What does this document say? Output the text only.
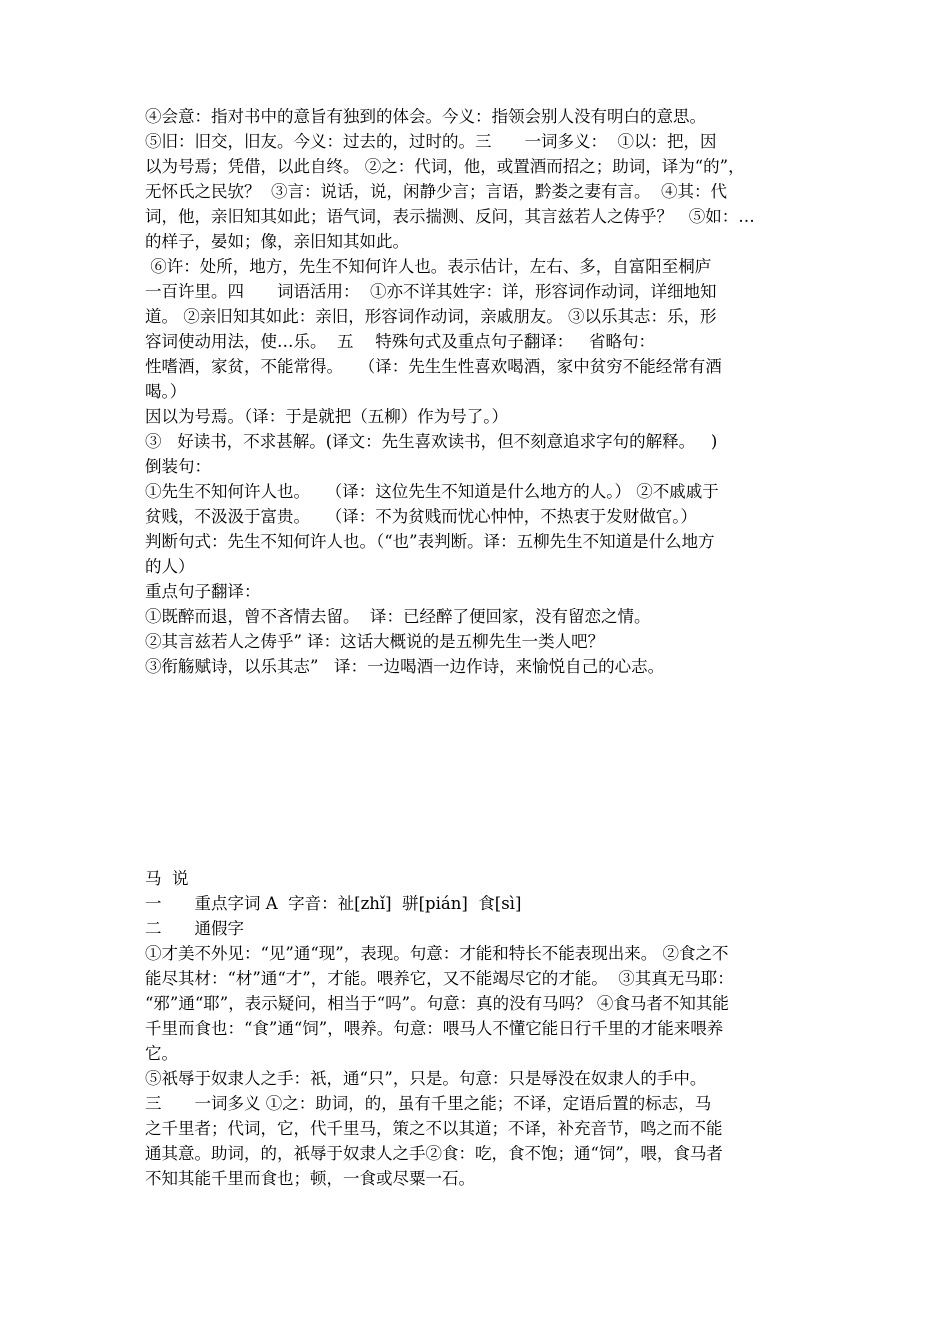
④会意：指对书中的意旨有独到的体会。今义：指领会别人没有明白的意思。
⑤旧：旧交，旧友。今义：过去的，过时的。三　　一词多义：  ①以：把，因
以为号焉；凭借，以此自终。 ②之：代词，他，或置酒而招之；助词，译为“的”，
无怀氏之民欤？  ③言：说话，说，闲静少言；言语，黔娄之妻有言。  ④其：代
词，他，亲旧知其如此；语气词，表示揣测、反问，其言兹若人之俦乎？   ⑤如：…
的样子，晏如；像，亲旧知其如此。
⑥许：处所，地方，先生不知何许人也。表示估计，左右、多，自富阳至桐庐
一百许里。四　　词语活用：  ①亦不详其姓字：详，形容词作动词，详细地知
道。 ②亲旧知其如此：亲旧，形容词作动词，亲戚朋友。 ③以乐其志：乐，形
容词使动用法，使…乐。  五　 特殊句式及重点句子翻译：   省略句：
性嗜酒，家贫，不能常得。   （译：先生生性喜欢喝酒，家中贫穷不能经常有酒
喝。）
因以为号焉。（译：于是就把（五柳）作为号了。）
③   好读书，不求甚解。(译文：先生喜欢读书，但不刻意追求字句的解释。   )
倒装句：
①先生不知何许人也。   （译：这位先生不知道是什么地方的人。） ②不戚戚于
贫贱，不汲汲于富贵。   （译：不为贫贱而忧心忡忡，不热衷于发财做官。）
判断句式：先生不知何许人也。（“也”表判断。译：五柳先生不知道是什么地方
的人）
重点句子翻译：
①既醉而退，曾不吝情去留。  译：已经醉了便回家，没有留恋之情。
②其言兹若人之俦乎” 译：这话大概说的是五柳先生一类人吧？
③衔觞赋诗，以乐其志”   译：一边喝酒一边作诗，来愉悦自己的心志。
马  说
一　　重点字词 A  字音：祉[zhǐ]  骈[pián]  食[sì]
二　　通假字
①才美不外见：“见”通“现”，表现。句意：才能和特长不能表现出来。 ②食之不
能尽其材：“材”通“才”，才能。喂养它，又不能竭尽它的才能。  ③其真无马耶：
“邪”通“耶”，表示疑问，相当于“吗”。句意：真的没有马吗？ ④食马者不知其能
千里而食也：“食”通“饲”，喂养。句意：喂马人不懂它能日行千里的才能来喂养
它。
⑤祇辱于奴隶人之手：祇，通“只”，只是。句意：只是辱没在奴隶人的手中。
三　　一词多义 ①之：助词，的，虽有千里之能；不译，定语后置的标志，马
之千里者；代词，它，代千里马，策之不以其道；不译，补充音节，鸣之而不能
通其意。助词，的，祇辱于奴隶人之手②食：吃，食不饱；通“饲”，喂，食马者
不知其能千里而食也；顿，一食或尽粟一石。
